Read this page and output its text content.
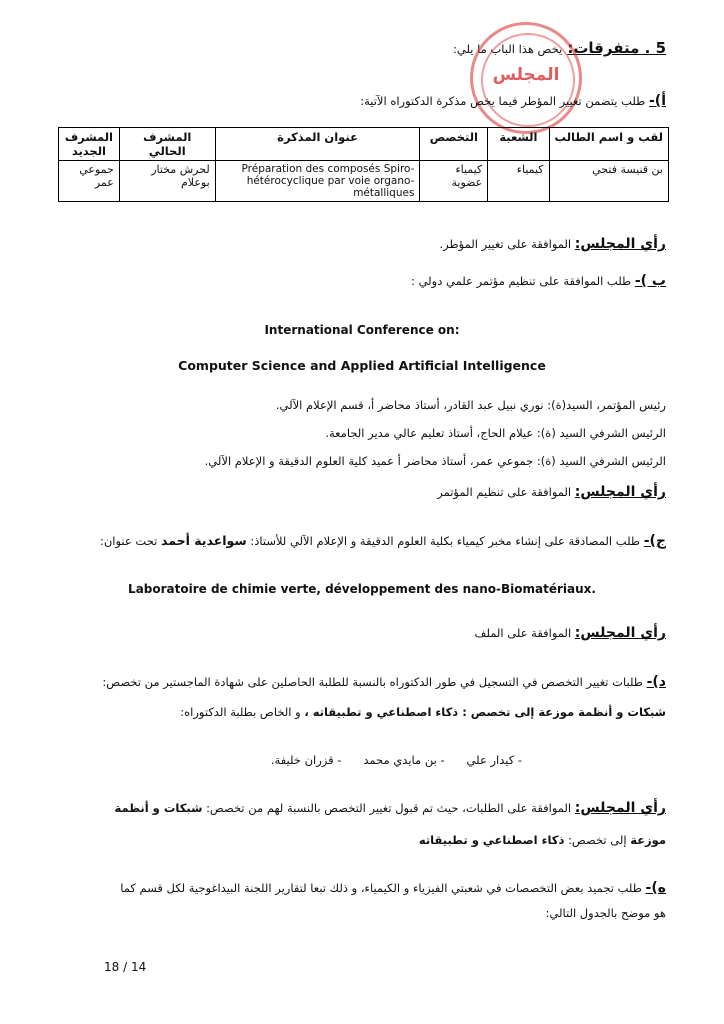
5 . متفرقات: يخص هذا الباب ما يلي:
المجلس
أ)- طلب يتضمن تغيير المؤطر فيما يخص مذكرة الدكتوراه الآتية:
لقب و اسم الطالب	الشعبة	التخصص	عنوان المذكرة	المشرف الحالي	المشرف الجديد
بن قنيسة فتحي	كيمياء	كيمياء عضوية	Préparation des composés Spiro-hétérocyclique par voie organo- métalliques	لحرش مختار بوعلام	جموعي عمر
رأي المجلس: الموافقة على تغيير المؤطر.
ب )- طلب الموافقة على تنظيم مؤتمر علمي دولي :
International Conference on:
Computer Science and Applied Artificial Intelligence
رئيس المؤتمر، السيد(ة): نوري نبيل عبد القادر، أستاذ محاضر أ، قسم الإعلام الآلي.
الرئيس الشرفي السيد (ة): عيلام الحاج، أستاذ تعليم عالي مدير الجامعة.
الرئيس الشرفي السيد (ة): جموعي عمر، أستاذ محاضر أ عميد كلية العلوم الدقيقة و الإعلام الآلي.
رأي المجلس: الموافقة على تنظيم المؤتمر
ج)- طلب المصادقة على إنشاء مخبر كيمياء بكلية العلوم الدقيقة و الإعلام الآلي للأستاذ: سواعدية أحمد تحت عنوان:
Laboratoire de chimie verte, développement des nano-Biomatériaux.
رأي المجلس: الموافقة على الملف
د)- طلبات تغيير التخصص في التسجيل في طور الدكتوراه بالنسبة للطلبة الحاصلين على شهادة الماجستير من تخصص:
شبكات و أنظمة موزعة إلى تخصص : ذكاء اصطناعي و تطبيقاته ، و الخاص بطلبة الدكتوراه:
- كيدار علي      - بن مايدي محمد      - قزران خليفة.
رأي المجلس: الموافقة على الطلبات، حيث تم قبول تغيير التخصص بالنسبة لهم من تخصص: شبكات و أنظمة
موزعة إلى تخصص: ذكاء اصطناعي و تطبيقاته
ه)- طلب تجميد بعض التخصصات في شعبتي الفيزياء و الكيمياء، و ذلك تبعا لتقارير اللجنة البيداغوجية لكل قسم كما
هو موضح بالجدول التالي:
18 / 14
